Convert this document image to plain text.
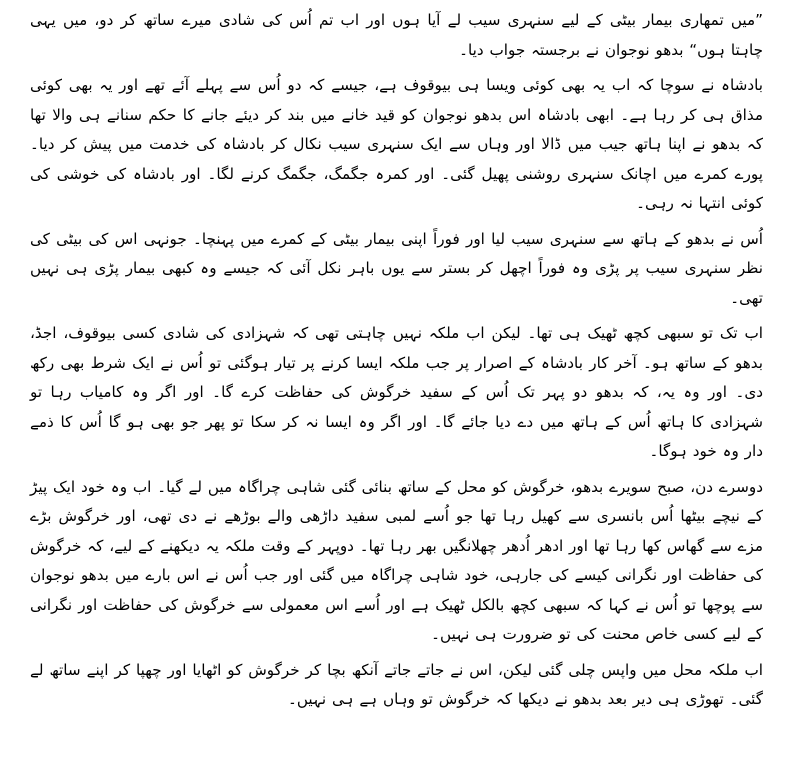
”میں تمھاری بیمار بیٹی کے لیے سنہری سیب لے آیا ہوں اور اب تم اُس کی شادی میرے ساتھ کر دو، میں یہی چاہتا ہوں“ بدھو نوجوان نے برجستہ جواب دیا۔

بادشاہ نے سوچا کہ اب یہ بھی کوئی ویسا ہی بیوقوف ہے، جیسے کہ دو اُس سے پہلے آئے تھے اور یہ بھی کوئی مذاق ہی کر رہا ہے۔ ابھی بادشاہ اس بدھو نوجوان کو قید خانے میں بند کر دیئے جانے کا حکم سنانے ہی والا تھا کہ بدھو نے اپنا ہاتھ جیب میں ڈالا اور وہاں سے ایک سنہری سیب نکال کر بادشاہ کی خدمت میں پیش کر دیا۔ پورے کمرے میں اچانک سنہری روشنی پھیل گئی۔ اور کمرہ جگمگ، جگمگ کرنے لگا۔ اور بادشاہ کی خوشی کی کوئی انتہا نہ رہی۔

اُس نے بدھو کے ہاتھ سے سنہری سیب لیا اور فوراً اپنی بیمار بیٹی کے کمرے میں پہنچا۔ جونہی اس کی بیٹی کی نظر سنہری سیب پر پڑی وہ فوراً اچھل کر بستر سے یوں باہر نکل آئی کہ جیسے وہ کبھی بیمار پڑی ہی نہیں تھی۔

اب تک تو سبھی کچھ ٹھیک ہی تھا۔ لیکن اب ملکہ نہیں چاہتی تھی کہ شہزادی کی شادی کسی بیوقوف، اجڈ، بدھو کے ساتھ ہو۔ آخر کار بادشاہ کے اصرار پر جب ملکہ ایسا کرنے پر تیار ہوگئی تو اُس نے ایک شرط بھی رکھ دی۔ اور وہ یہ، کہ بدھو دو پہر تک اُس کے سفید خرگوش کی حفاظت کرے گا۔ اور اگر وہ کامیاب رہا تو شہزادی کا ہاتھ اُس کے ہاتھ میں دے دیا جائے گا۔ اور اگر وہ ایسا نہ کر سکا تو پھر جو بھی ہو گا اُس کا ذمے دار وہ خود ہوگا۔

دوسرے دن، صبح سویرے بدھو، خرگوش کو محل کے ساتھ بنائی گئی شاہی چراگاہ میں لے گیا۔ اب وہ خود ایک پیڑ کے نیچے بیٹھا اُس بانسری سے کھیل رہا تھا جو اُسے لمبی سفید داڑھی والے بوڑھے نے دی تھی، اور خرگوش بڑے مزے سے گھاس کھا رہا تھا اور ادھر اُدھر چھلانگیں بھر رہا تھا۔ دوپہر کے وقت ملکہ یہ دیکھنے کے لیے، کہ خرگوش کی حفاظت اور نگرانی کیسے کی جارہی، خود شاہی چراگاہ میں گئی اور جب اُس نے اس بارے میں بدھو نوجوان سے پوچھا تو اُس نے کہا کہ سبھی کچھ بالکل ٹھیک ہے اور اُسے اس معمولی سے خرگوش کی حفاظت اور نگرانی کے لیے کسی خاص محنت کی تو ضرورت ہی نہیں۔

اب ملکہ محل میں واپس چلی گئی لیکن، اس نے جاتے جاتے آنکھ بچا کر خرگوش کو اٹھایا اور چھپا کر اپنے ساتھ لے گئی۔ تھوڑی ہی دیر بعد بدھو نے دیکھا کہ خرگوش تو وہاں ہے ہی نہیں۔
